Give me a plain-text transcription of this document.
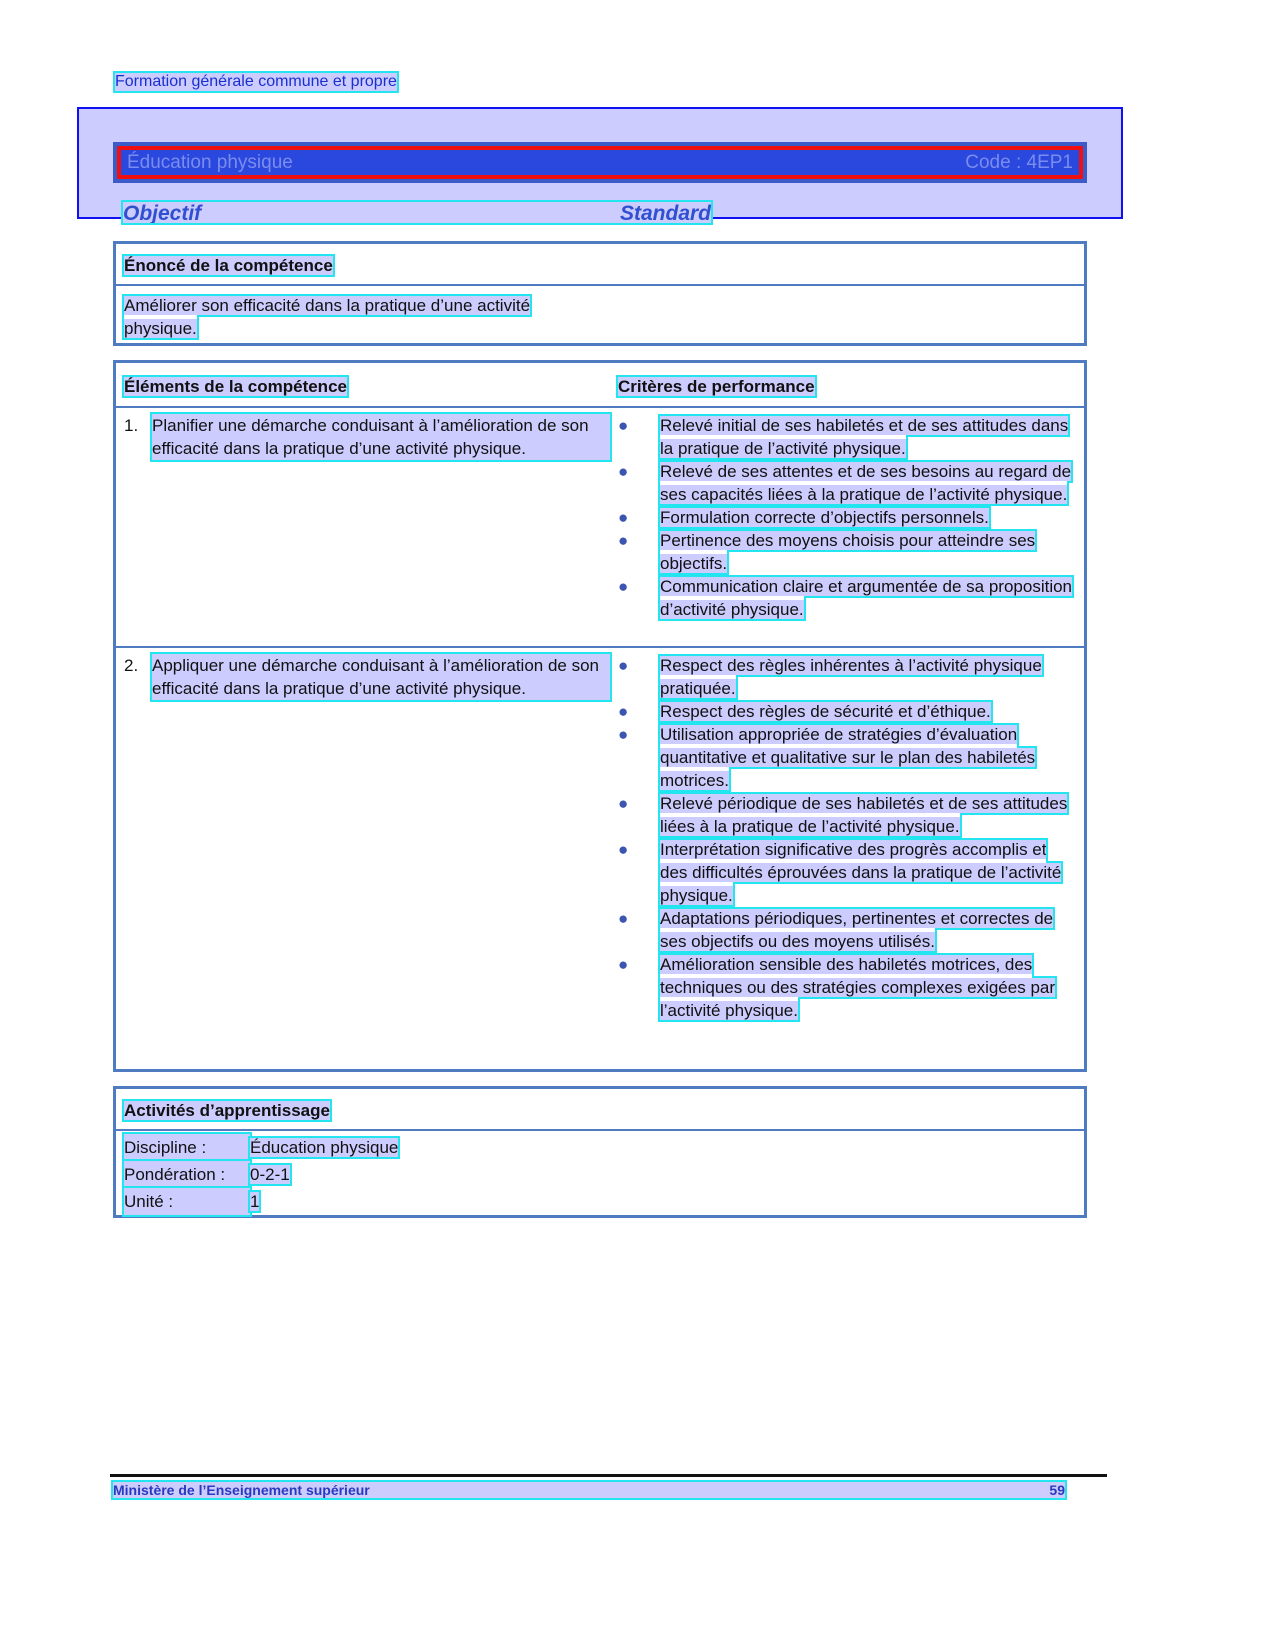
Formation générale commune et propre
Éducation physique	Code : 4EP1
Objectif	Standard
Énoncé de la compétence
Améliorer son efficacité dans la pratique d’une activité physique.
Éléments de la compétence	Critères de performance
1. Planifier une démarche conduisant à l’amélioration de son efficacité dans la pratique d’une activité physique.
●	Relevé initial de ses habiletés et de ses attitudes dans la pratique de l’activité physique.
●	Relevé de ses attentes et de ses besoins au regard de ses capacités liées à la pratique de l’activité physique.
●	Formulation correcte d’objectifs personnels.
●	Pertinence des moyens choisis pour atteindre ses objectifs.
●	Communication claire et argumentée de sa proposition d’activité physique.
2. Appliquer une démarche conduisant à l’amélioration de son efficacité dans la pratique d’une activité physique.
●	Respect des règles inhérentes à l’activité physique pratiquée.
●	Respect des règles de sécurité et d’éthique.
●	Utilisation appropriée de stratégies d’évaluation quantitative et qualitative sur le plan des habiletés motrices.
●	Relevé périodique de ses habiletés et de ses attitudes liées à la pratique de l’activité physique.
●	Interprétation significative des progrès accomplis et des difficultés éprouvées dans la pratique de l’activité physique.
●	Adaptations périodiques, pertinentes et correctes de ses objectifs ou des moyens utilisés.
●	Amélioration sensible des habiletés motrices, des techniques ou des stratégies complexes exigées par l’activité physique.
Activités d’apprentissage
Discipline :	Éducation physique
Pondération : 0-2-1
Unité :	1
Ministère de l’Enseignement supérieur	59
